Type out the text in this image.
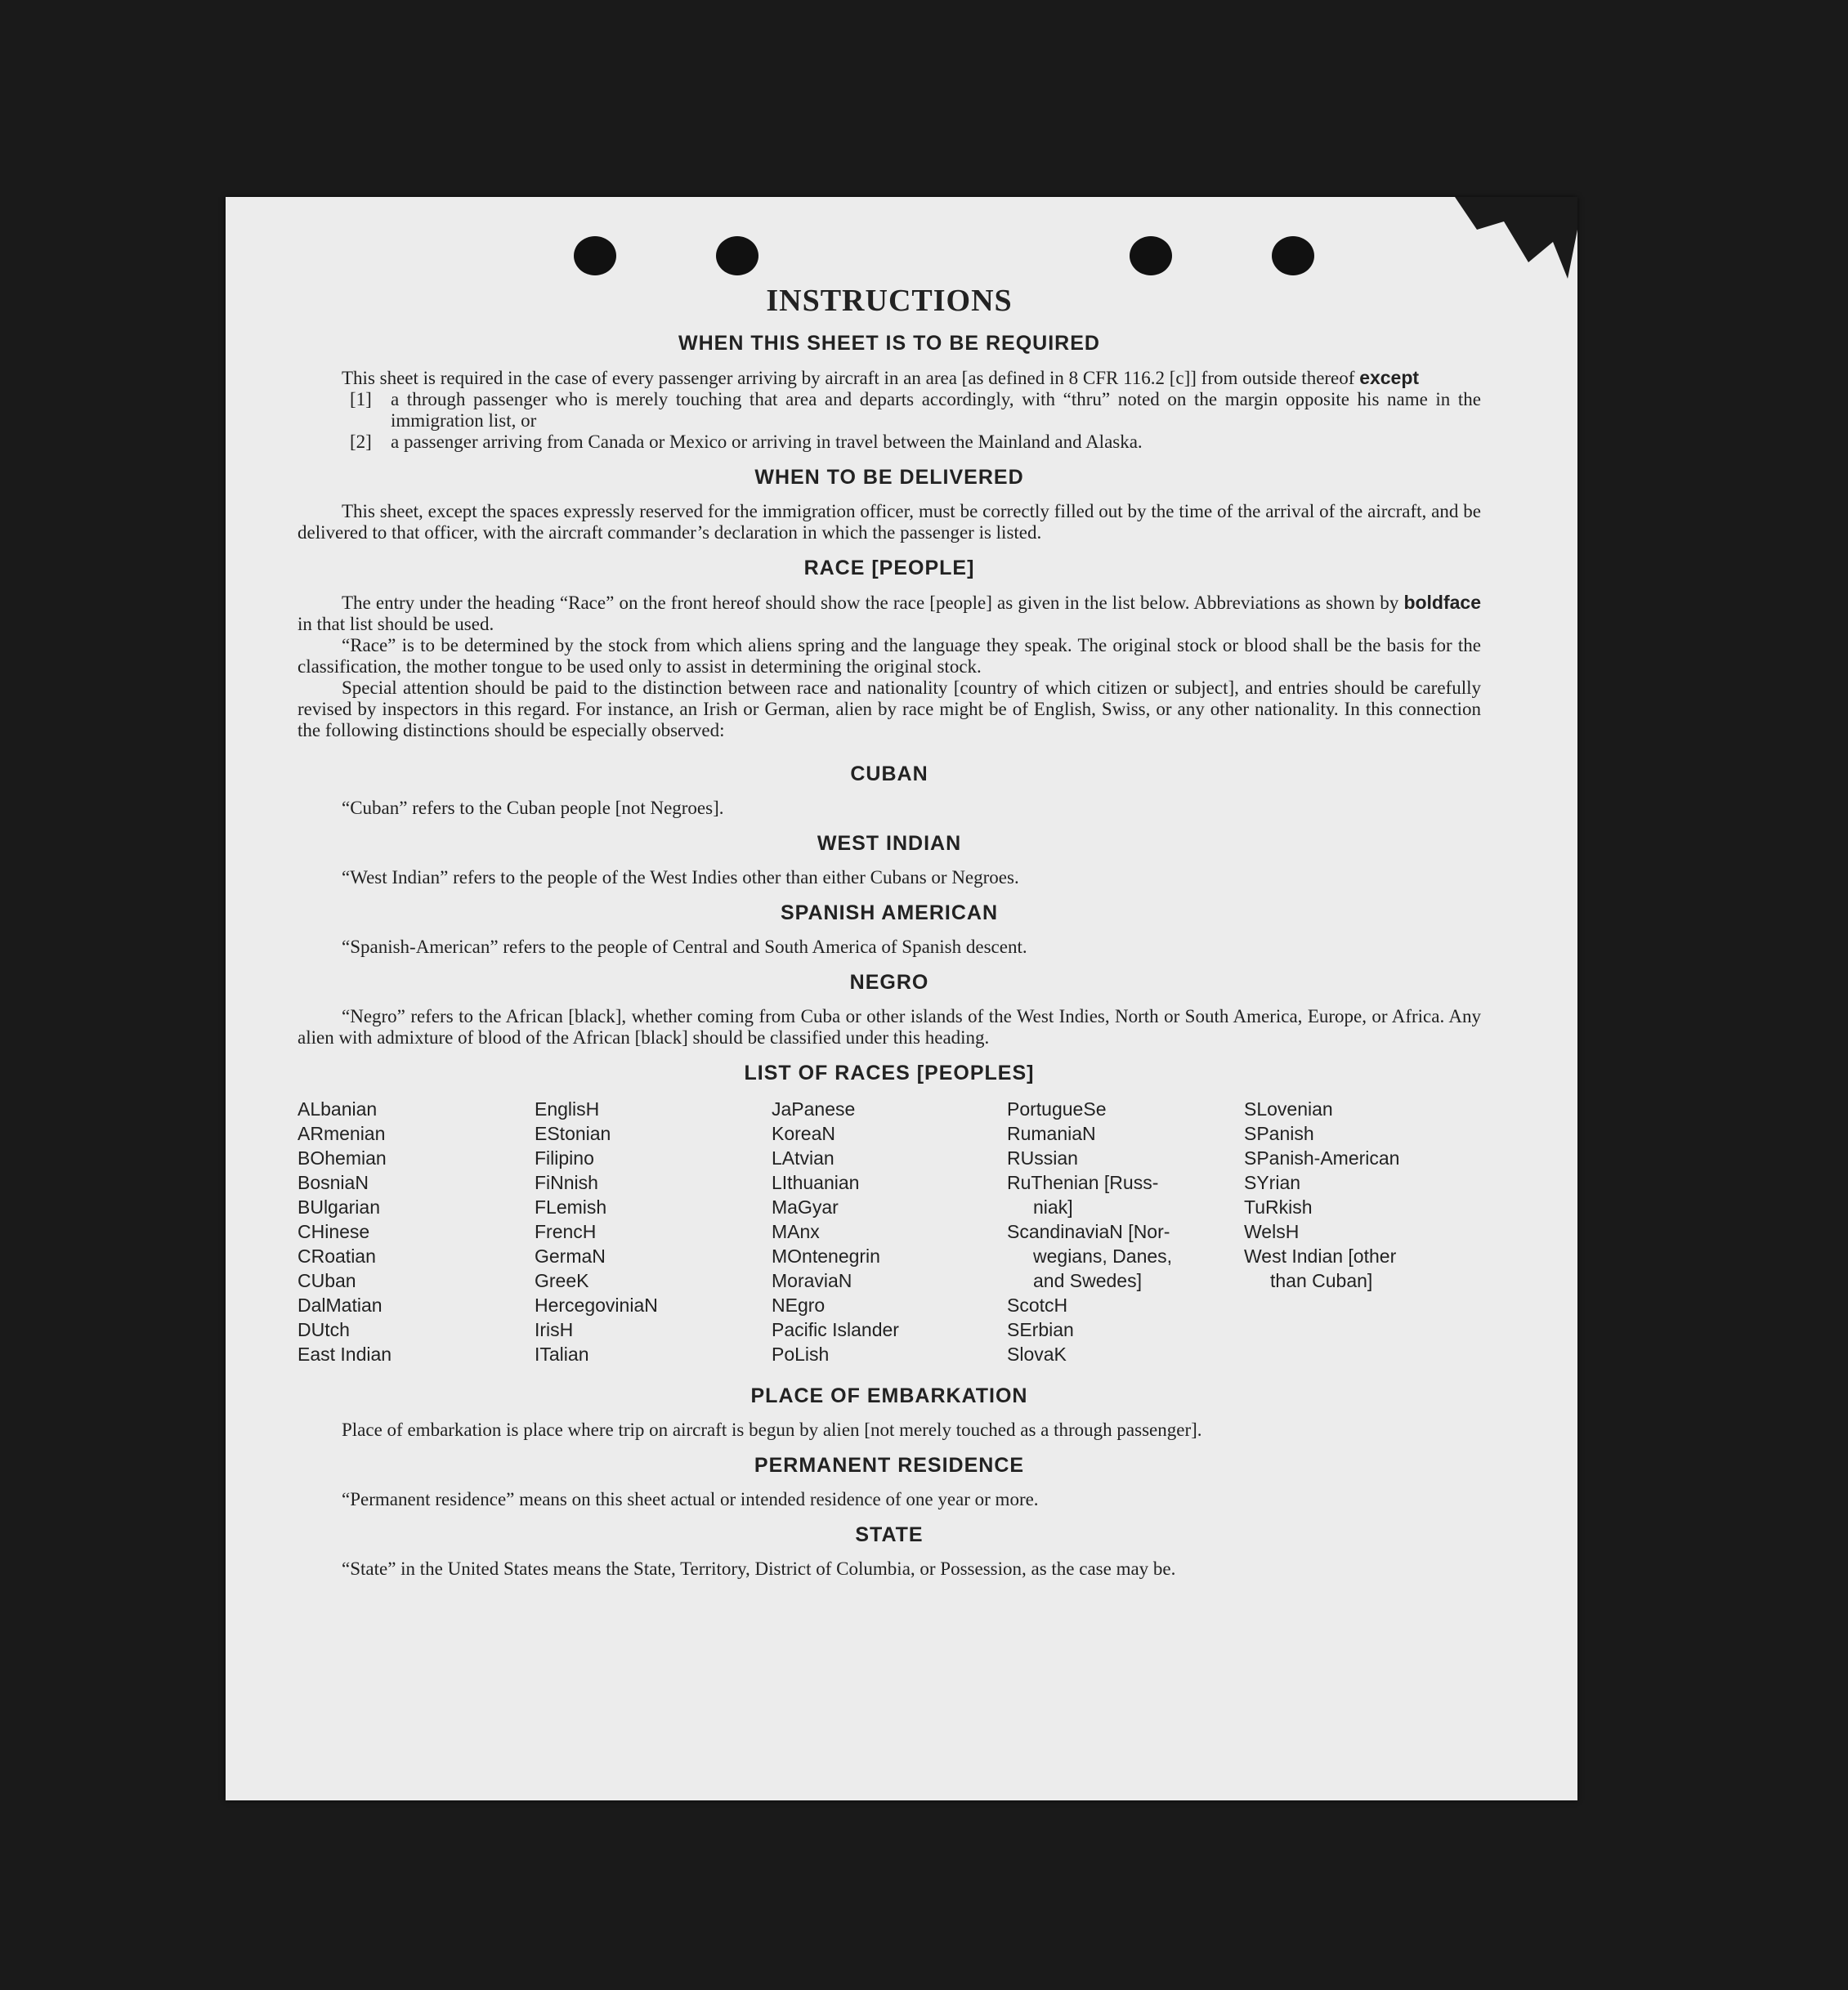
INSTRUCTIONS
WHEN THIS SHEET IS TO BE REQUIRED

This sheet is required in the case of every passenger arriving by aircraft in an area [as defined in 8 CFR 116.2 [c]] from outside thereof except

[1] a through passenger who is merely touching that area and departs accordingly, with “thru” noted on the margin opposite his name in the immigration list, or
[2] a passenger arriving from Canada or Mexico or arriving in travel between the Mainland and Alaska.
WHEN TO BE DELIVERED

This sheet, except the spaces expressly reserved for the immigration officer, must be correctly filled out by the time of the arrival of the aircraft, and be delivered to that officer, with the aircraft commander’s declaration in which the passenger is listed.

RACE [PEOPLE]

The entry under the heading “Race” on the front hereof should show the race [people] as given in the list below. Abbreviations as shown by boldface in that list should be used.

“Race” is to be determined by the stock from which aliens spring and the language they speak. The original stock or blood shall be the basis for the classification, the mother tongue to be used only to assist in determining the original stock.

Special attention should be paid to the distinction between race and nationality [country of which citizen or subject], and entries should be carefully revised by inspectors in this regard. For instance, an Irish or German, alien by race might be of English, Swiss, or any other nationality. In this connection the following distinctions should be especially observed:

CUBAN

“Cuban” refers to the Cuban people [not Negroes].

WEST INDIAN

“West Indian” refers to the people of the West Indies other than either Cubans or Negroes.

SPANISH AMERICAN

“Spanish-American” refers to the people of Central and South America of Spanish descent.

NEGRO

“Negro” refers to the African [black], whether coming from Cuba or other islands of the West Indies, North or South America, Europe, or Africa. Any alien with admixture of blood of the African [black] should be classified under this heading.

LIST OF RACES [PEOPLES]
ALbanian
ARmenian
BOhemian
BosniaN
BUlgarian
CHinese
CRoatian
CUban
DalMatian
DUtch
East Indian
EnglisH
EStonian
Filipino
FiNnish
FLemish
FrencH
GermaN
GreeK
HercegoviniaN
IrisH
ITalian
JaPanese
KoreaN
LAtvian
LIthuanian
MaGyar
MAnx
MOntenegrin
MoraviaN
NEgro
Pacific Islander
PoLish
PortugueSe
RumaniaN
RUssian
RuThenian [Russ-
niak]
ScandinaviaN [Nor-
wegians, Danes,
and Swedes]
ScotcH
SErbian
SlovaK
SLovenian
SPanish
SPanish-American
SYrian
TuRkish
WelsH
West Indian [other
than Cuban]
PLACE OF EMBARKATION

Place of embarkation is place where trip on aircraft is begun by alien [not merely touched as a through passenger].

PERMANENT RESIDENCE

“Permanent residence” means on this sheet actual or intended residence of one year or more.

STATE

“State” in the United States means the State, Territory, District of Columbia, or Possession, as the case may be.
